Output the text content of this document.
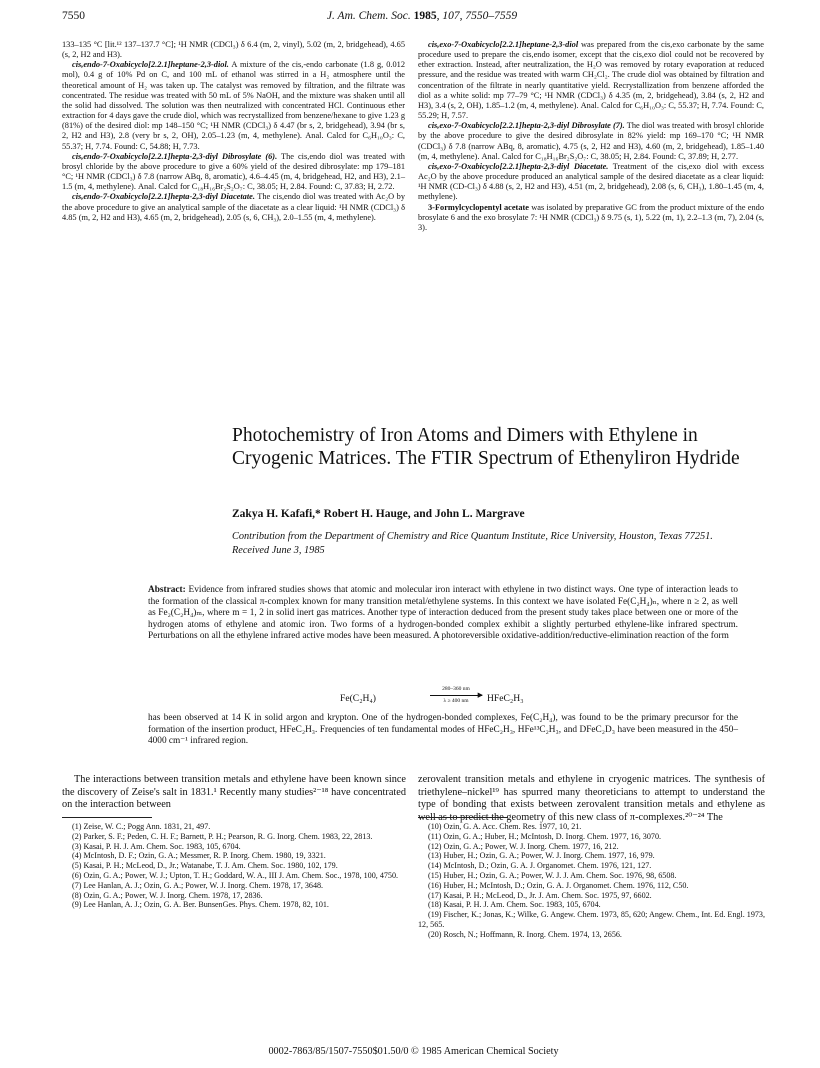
7550	J. Am. Chem. Soc. 1985, 107, 7550–7559

133–135 °C [lit.¹² 137–137.7 °C]; ¹H NMR (CDCl₃) δ 6.4 (m, 2, vinyl), 5.02 (m, 2, bridgehead), 4.65 (s, 2, H2 and H3).

cis,endo-7-Oxabicyclo[2.2.1]heptane-2,3-diol. A mixture of the cis,-endo carbonate (1.8 g, 0.012 mol), 0.4 g of 10% Pd on C, and 100 mL of ethanol was stirred in a H₂ atmosphere until the theoretical amount of H₂ was taken up. The catalyst was removed by filtration, and the filtrate was concentrated. The residue was treated with 50 mL of 5% NaOH, and the mixture was shaken until all the solid had dissolved. The solution was then neutralized with concentrated HCl. Continuous ether extraction for 4 days gave the crude diol, which was recrystallized from benzene/hexane to give 1.23 g (81%) of the desired diol: mp 148–150 °C; ¹H NMR (CDCl₃) δ 4.47 (br s, 2, bridgehead), 3.94 (br s, 2, H2 and H3), 2.8 (very br s, 2, OH), 2.05–1.23 (m, 4, methylene). Anal. Calcd for C₆H₁₀O₃: C, 55.37; H, 7.74. Found: C, 54.88; H, 7.73.

cis,endo-7-Oxabicyclo[2.2.1]hepta-2,3-diyl Dibrosylate (6). The cis,endo diol was treated with brosyl chloride by the above procedure to give a 60% yield of the desired dibrosylate: mp 179–181 °C; ¹H NMR (CDCl₃) δ 7.8 (narrow ABq, 8, aromatic), 4.6–4.45 (m, 4, bridgehead, H2, and H3), 2.1–1.5 (m, 4, methylene). Anal. Calcd for C₁₈H₁₆Br₂S₂O₇: C, 38.05; H, 2.84. Found: C, 37.83; H, 2.72.

cis,endo-7-Oxabicyclo[2.2.1]hepta-2,3-diyl Diacetate. The cis,endo diol was treated with Ac₂O by the above procedure to give an analytical sample of the diacetate as a clear liquid: ¹H NMR (CDCl₃) δ 4.85 (m, 2, H2 and H3), 4.65 (m, 2, bridgehead), 2.05 (s, 6, CH₃), 2.0–1.55 (m, 4, methylene).

cis,exo-7-Oxabicyclo[2.2.1]heptane-2,3-diol was prepared from the cis,exo carbonate by the same procedure used to prepare the cis,endo isomer, except that the cis,exo diol could not be recovered by ether extraction. Instead, after neutralization, the H₂O was removed by rotary evaporation at reduced pressure, and the residue was treated with warm CH₂Cl₂. The crude diol was obtained by filtration and concentration of the filtrate in nearly quantitative yield. Recrystallization from benzene afforded the diol as a white solid: mp 77–79 °C; ¹H NMR (CDCl₃) δ 4.35 (m, 2, bridgehead), 3.84 (s, 2, H2 and H3), 3.4 (s, 2, OH), 1.85–1.2 (m, 4, methylene). Anal. Calcd for C₆H₁₀O₃: C, 55.37; H, 7.74. Found: C, 55.29; H, 7.57.

cis,exo-7-Oxabicyclo[2.2.1]hepta-2,3-diyl Dibrosylate (7). The diol was treated with brosyl chloride by the above procedure to give the desired dibrosylate in 82% yield: mp 169–170 °C; ¹H NMR (CDCl₃) δ 7.8 (narrow ABq, 8, aromatic), 4.75 (s, 2, H2 and H3), 4.60 (m, 2, bridgehead), 1.85–1.40 (m, 4, methylene). Anal. Calcd for C₁₈H₁₆Br₂S₂O₇: C, 38.05; H, 2.84. Found: C, 37.89; H, 2.77.

cis,exo-7-Oxabicyclo[2.2.1]hepta-2,3-diyl Diacetate. Treatment of the cis,exo diol with excess Ac₂O by the above procedure produced an analytical sample of the desired diacetate as a clear liquid: ¹H NMR (CD-Cl₃) δ 4.88 (s, 2, H2 and H3), 4.51 (m, 2, bridgehead), 2.08 (s, 6, CH₃), 1.80–1.45 (m, 4, methylene).

3-Formylcyclopentyl acetate was isolated by preparative GC from the product mixture of the endo brosylate 6 and the exo brosylate 7: ¹H NMR (CDCl₃) δ 9.75 (s, 1), 5.22 (m, 1), 2.2–1.3 (m, 7), 2.04 (s, 3).

Photochemistry of Iron Atoms and Dimers with Ethylene in Cryogenic Matrices. The FTIR Spectrum of Ethenyliron Hydride
Zakya H. Kafafi,* Robert H. Hauge, and John L. Margrave
Contribution from the Department of Chemistry and Rice Quantum Institute, Rice University, Houston, Texas 77251. Received June 3, 1985
Abstract: Evidence from infrared studies shows that atomic and molecular iron interact with ethylene in two distinct ways. One type of interaction leads to the formation of the classical π-complex known for many transition metal/ethylene systems. In this context we have isolated Fe(C₂H₄)ₙ, where n ≥ 2, as well as Fe₂(C₂H₄)ₘ, where m = 1, 2 in solid inert gas matrices. Another type of interaction deduced from the present study takes place between one or more of the hydrogen atoms of ethylene and atomic iron. Two forms of a hydrogen-bonded complex exhibit a slightly perturbed ethylene-like infrared spectrum. Perturbations on all the ethylene infrared active modes have been measured. A photoreversible oxidative-addition/reductive-elimination reaction of the form
Fe(C₂H₄)
280–360 nm
▶
λ ≥ 400 nm	HFeC₂H₃
has been observed at 14 K in solid argon and krypton. One of the hydrogen-bonded complexes, Fe(C₂H₄), was found to be the primary precursor for the formation of the insertion product, HFeC₂H₃. Frequencies of ten fundamental modes of HFeC₂H₃, HFe¹³C₂H₃, and DFeC₂D₃ have been measured in the 450–4000 cm⁻¹ infrared region.
The interactions between transition metals and ethylene have been known since the discovery of Zeise's salt in 1831.¹ Recently many studies²⁻¹⁸ have concentrated on the interaction between
zerovalent transition metals and ethylene in cryogenic matrices. The synthesis of triethylene–nickel¹⁹ has spurred many theoreticians to attempt to understand the type of bonding that exists between zerovalent transition metals and ethylene as well as to predict the geometry of this new class of π-complexes.²⁰⁻²⁴ The
(1) Zeise, W. C.; Pogg Ann. 1831, 21, 497.
(2) Parker, S. F.; Peden, C. H. F.; Barnett, P. H.; Pearson, R. G. Inorg. Chem. 1983, 22, 2813.
(3) Kasai, P. H. J. Am. Chem. Soc. 1983, 105, 6704.
(4) McIntosh, D. F.; Ozin, G. A.; Messmer, R. P. Inorg. Chem. 1980, 19, 3321.
(5) Kasai, P. H.; McLeod, D., Jr.; Watanabe, T. J. Am. Chem. Soc. 1980, 102, 179.
(6) Ozin, G. A.; Power, W. J.; Upton, T. H.; Goddard, W. A., III J. Am. Chem. Soc., 1978, 100, 4750.
(7) Lee Hanlan, A. J.; Ozin, G. A.; Power, W. J. Inorg. Chem. 1978, 17, 3648.
(8) Ozin, G. A.; Power, W. J. Inorg. Chem. 1978, 17, 2836.
(9) Lee Hanlan, A. J.; Ozin, G. A. Ber. BunsenGes. Phys. Chem. 1978, 82, 101.
(10) Ozin, G. A. Acc. Chem. Res. 1977, 10, 21.
(11) Ozin, G. A.; Huber, H.; McIntosh, D. Inorg. Chem. 1977, 16, 3070.
(12) Ozin, G. A.; Power, W. J. Inorg. Chem. 1977, 16, 212.
(13) Huber, H.; Ozin, G. A.; Power, W. J. Inorg. Chem. 1977, 16, 979.
(14) McIntosh, D.; Ozin, G. A. J. Organomet. Chem. 1976, 121, 127.
(15) Huber, H.; Ozin, G. A.; Power, W. J. J. Am. Chem. Soc. 1976, 98, 6508.
(16) Huber, H.; McIntosh, D.; Ozin, G. A. J. Organomet. Chem. 1976, 112, C50.
(17) Kasai, P. H.; McLeod, D., Jr. J. Am. Chem. Soc. 1975, 97, 6602.
(18) Kasai, P. H. J. Am. Chem. Soc. 1983, 105, 6704.
(19) Fischer, K.; Jonas, K.; Wilke, G. Angew. Chem. 1973, 85, 620; Angew. Chem., Int. Ed. Engl. 1973, 12, 565.
(20) Rosch, N.; Hoffmann, R. Inorg. Chem. 1974, 13, 2656.
0002-7863/85/1507-7550$01.50/0 © 1985 American Chemical Society
